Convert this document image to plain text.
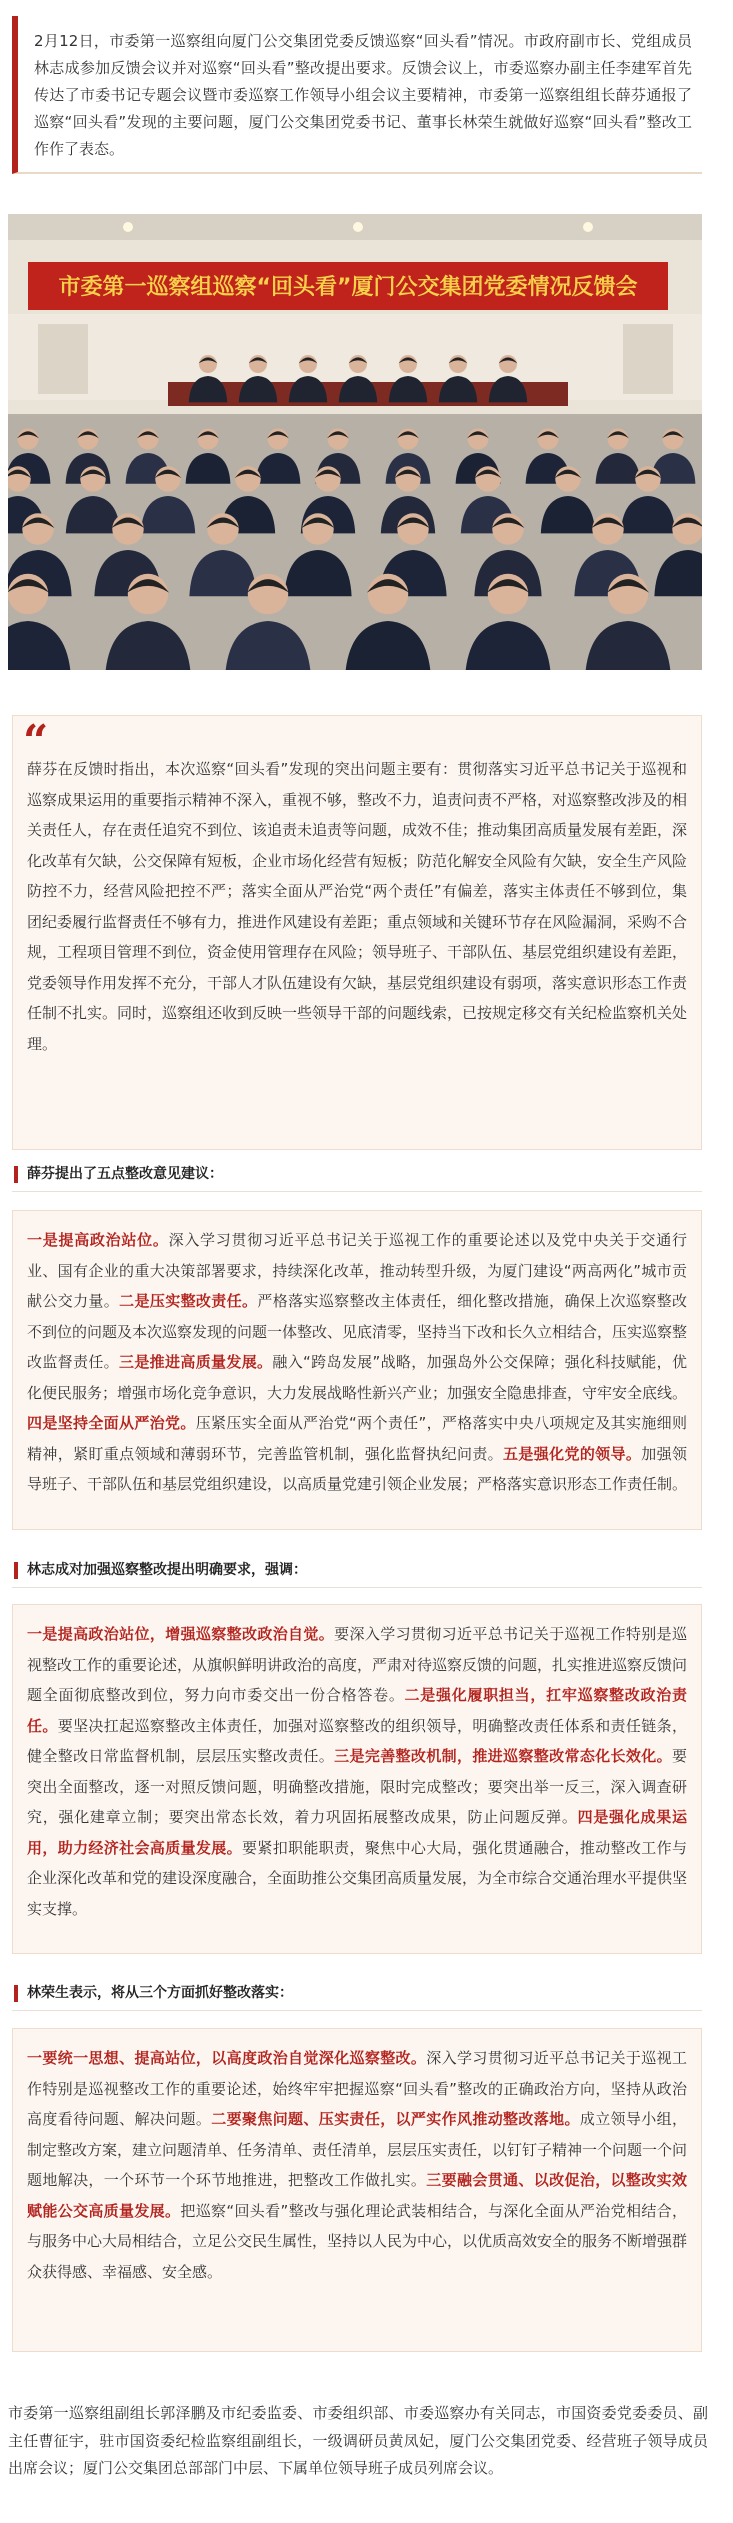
2月12日，市委第一巡察组向厦门公交集团党委反馈巡察“回头看”情况。市政府副市长、党组成员林志成参加反馈会议并对巡察“回头看”整改提出要求。反馈会议上，市委巡察办副主任李建军首先传达了市委书记专题会议暨市委巡察工作领导小组会议主要精神，市委第一巡察组组长薛芬通报了巡察“回头看”发现的主要问题，厦门公交集团党委书记、董事长林荣生就做好巡察“回头看”整改工作作了表态。

市委第一巡察组巡察“回头看”厦门公交集团党委情况反馈会
“

薛芬在反馈时指出，本次巡察“回头看”发现的突出问题主要有：贯彻落实习近平总书记关于巡视和巡察成果运用的重要指示精神不深入，重视不够，整改不力，追责问责不严格，对巡察整改涉及的相关责任人，存在责任追究不到位、该追责未追责等问题，成效不佳；推动集团高质量发展有差距，深化改革有欠缺，公交保障有短板，企业市场化经营有短板；防范化解安全风险有欠缺，安全生产风险防控不力，经营风险把控不严；落实全面从严治党“两个责任”有偏差，落实主体责任不够到位，集团纪委履行监督责任不够有力，推进作风建设有差距；重点领域和关键环节存在风险漏洞，采购不合规，工程项目管理不到位，资金使用管理存在风险；领导班子、干部队伍、基层党组织建设有差距，党委领导作用发挥不充分，干部人才队伍建设有欠缺，基层党组织建设有弱项，落实意识形态工作责任制不扎实。同时，巡察组还收到反映一些领导干部的问题线索，已按规定移交有关纪检监察机关处理。

薛芬提出了五点整改意见建议：

一是提高政治站位。深入学习贯彻习近平总书记关于巡视工作的重要论述以及党中央关于交通行业、国有企业的重大决策部署要求，持续深化改革，推动转型升级，为厦门建设“两高两化”城市贡献公交力量。二是压实整改责任。严格落实巡察整改主体责任，细化整改措施，确保上次巡察整改不到位的问题及本次巡察发现的问题一体整改、见底清零，坚持当下改和长久立相结合，压实巡察整改监督责任。三是推进高质量发展。融入“跨岛发展”战略，加强岛外公交保障；强化科技赋能，优化便民服务；增强市场化竞争意识，大力发展战略性新兴产业；加强安全隐患排查，守牢安全底线。四是坚持全面从严治党。压紧压实全面从严治党“两个责任”，严格落实中央八项规定及其实施细则精神，紧盯重点领域和薄弱环节，完善监管机制，强化监督执纪问责。五是强化党的领导。加强领导班子、干部队伍和基层党组织建设，以高质量党建引领企业发展；严格落实意识形态工作责任制。

林志成对加强巡察整改提出明确要求，强调：

一是提高政治站位，增强巡察整改政治自觉。要深入学习贯彻习近平总书记关于巡视工作特别是巡视整改工作的重要论述，从旗帜鲜明讲政治的高度，严肃对待巡察反馈的问题，扎实推进巡察反馈问题全面彻底整改到位，努力向市委交出一份合格答卷。二是强化履职担当，扛牢巡察整改政治责任。要坚决扛起巡察整改主体责任，加强对巡察整改的组织领导，明确整改责任体系和责任链条，健全整改日常监督机制，层层压实整改责任。三是完善整改机制，推进巡察整改常态化长效化。要突出全面整改，逐一对照反馈问题，明确整改措施，限时完成整改；要突出举一反三，深入调查研究，强化建章立制；要突出常态长效，着力巩固拓展整改成果，防止问题反弹。四是强化成果运用，助力经济社会高质量发展。要紧扣职能职责，聚焦中心大局，强化贯通融合，推动整改工作与企业深化改革和党的建设深度融合，全面助推公交集团高质量发展，为全市综合交通治理水平提供坚实支撑。

林荣生表示，将从三个方面抓好整改落实：

一要统一思想、提高站位，以高度政治自觉深化巡察整改。深入学习贯彻习近平总书记关于巡视工作特别是巡视整改工作的重要论述，始终牢牢把握巡察“回头看”整改的正确政治方向，坚持从政治高度看待问题、解决问题。二要聚焦问题、压实责任，以严实作风推动整改落地。成立领导小组，制定整改方案，建立问题清单、任务清单、责任清单，层层压实责任，以钉钉子精神一个问题一个问题地解决，一个环节一个环节地推进，把整改工作做扎实。三要融会贯通、以改促治，以整改实效赋能公交高质量发展。把巡察“回头看”整改与强化理论武装相结合，与深化全面从严治党相结合，与服务中心大局相结合，立足公交民生属性，坚持以人民为中心，以优质高效安全的服务不断增强群众获得感、幸福感、安全感。

市委第一巡察组副组长郭泽鹏及市纪委监委、市委组织部、市委巡察办有关同志，市国资委党委委员、副主任曹征宇，驻市国资委纪检监察组副组长，一级调研员黄凤妃，厦门公交集团党委、经营班子领导成员出席会议；厦门公交集团总部部门中层、下属单位领导班子成员列席会议。
